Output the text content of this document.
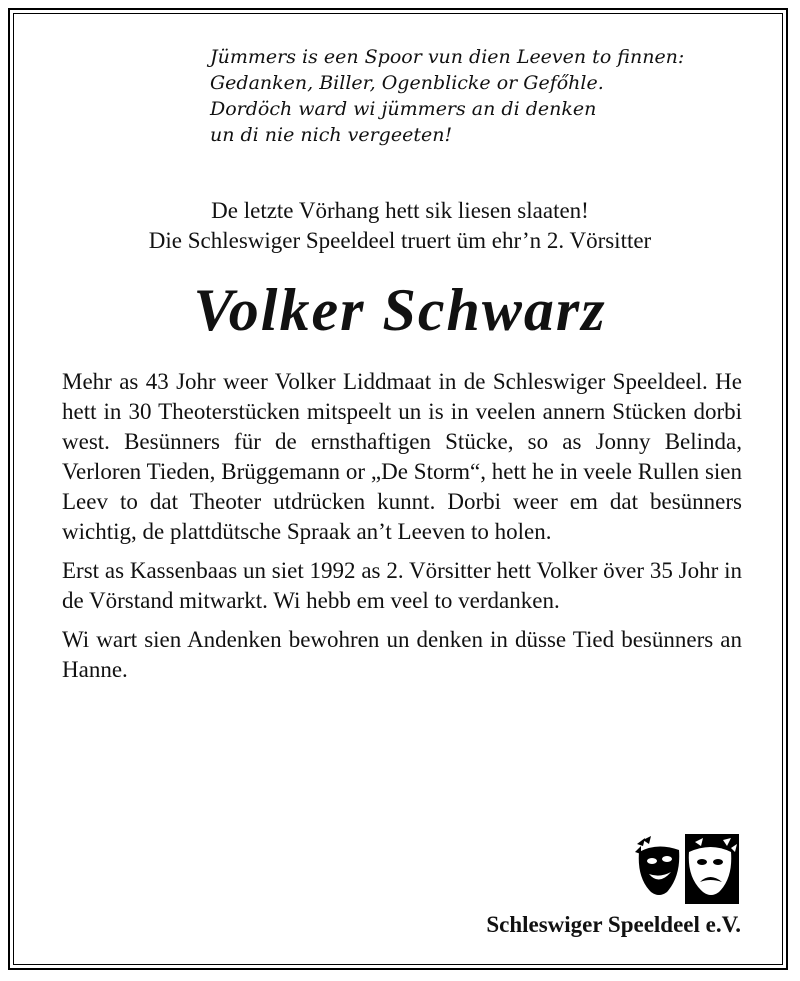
Jümmers is een Spoor vun dien Leeven to finnen:
Gedanken, Biller, Ogenblicke or Gefőhle.
Dordöch ward wi jümmers an di denken
un di nie nich vergeeten!
De letzte Vörhang hett sik liesen slaaten!
Die Schleswiger Speeldeel truert üm ehr’n 2. Vörsitter
Volker Schwarz

Mehr as 43 Johr weer Volker Liddmaat in de Schleswiger Speeldeel. He hett in 30 Theoterstücken mitspeelt un is in veelen annern Stücken dorbi west. Besünners für de ernsthaftigen Stücke, so as Jonny Belinda, Verloren Tieden, Brüggemann or „De Storm“, hett he in veele Rullen sien Leev to dat Theoter utdrücken kunnt. Dorbi weer em dat besünners wichtig, de plattdütsche Spraak an’t Leeven to holen.

Erst as Kassenbaas un siet 1992 as 2. Vörsitter hett Volker över 35 Johr in de Vörstand mitwarkt. Wi hebb em veel to verdanken.

Wi wart sien Andenken bewohren un denken in düsse Tied besünners an Hanne.

Schleswiger Speeldeel e.V.
